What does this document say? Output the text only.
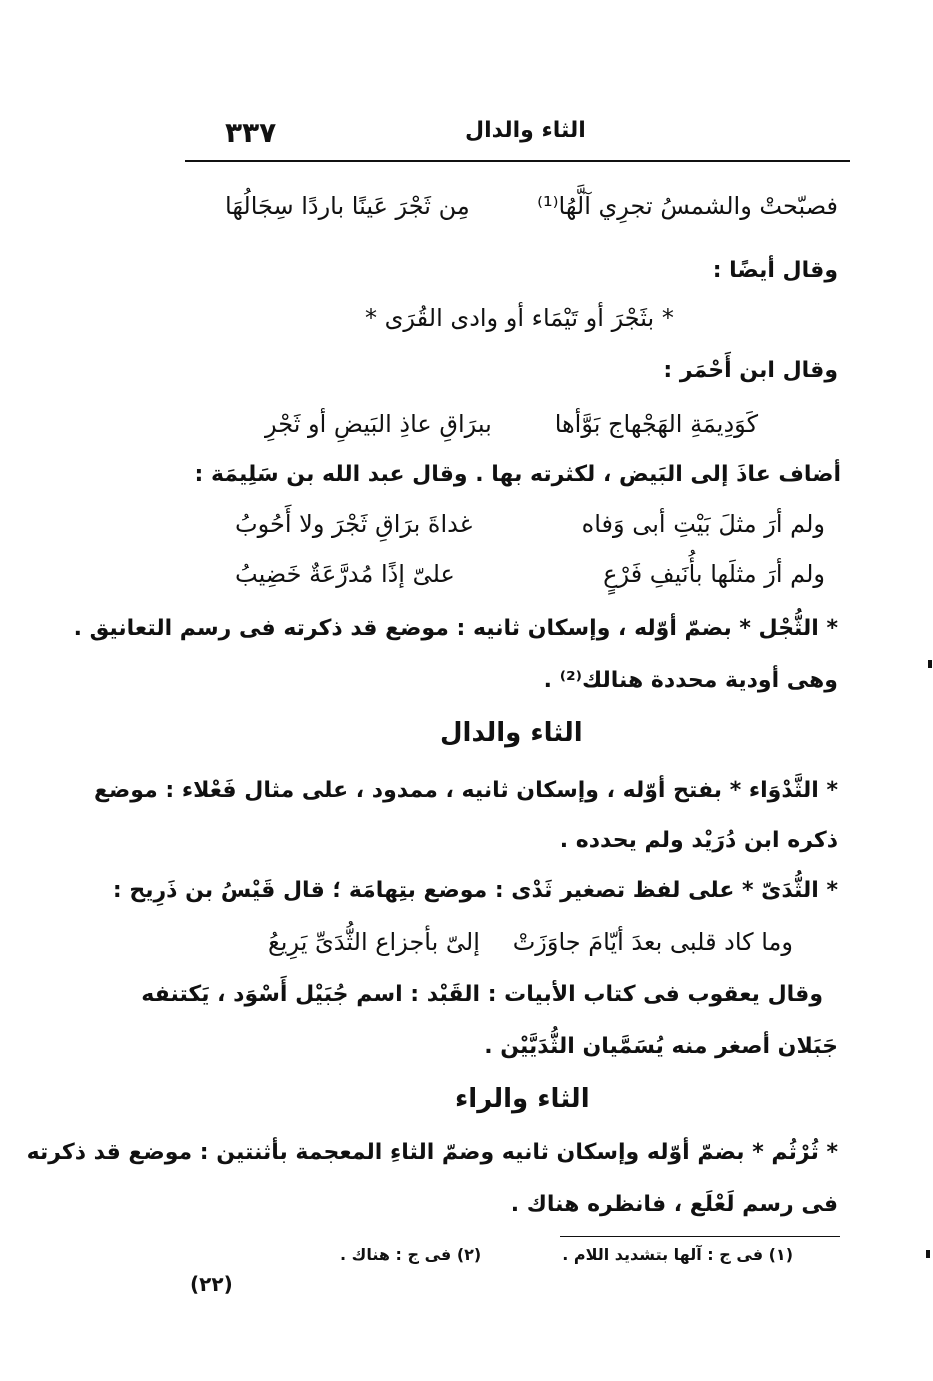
٣٣٧	الثاء والدال
فصبّحتْ والشمسُ تجرِي آلَّهُا⁽¹⁾
مِن ثَجْرَ عَينًا باردًا سِجَالُهَا
وقال أيضًا :
* بثَجْرَ أو تَيْمَاء أو وادى القُرَى *
وقال ابن أَحْمَر :
كَوَدِيمَةِ الهَجْهاج بَوَّأها
ببرَاقِ عاذِ البَيضِ أو ثَجْرِ
أضاف عاذَ إلى البَيض ، لكثرته بها . وقال عبد الله بن سَلِيمَة :
ولم أرَ مثلَ بَيْتِ أبى وَفاه
غداةَ برَاقِ ثَجْرَ ولا أَحُوبُ
ولم أرَ مثلَها بأُنَيفِ فَرْعٍ
علىّ إذًا مُدرَّعَةٌ خَضِيبُ
* الثُّجْل * بضمّ أوّله ، وإسكان ثانيه : موضع قد ذكرته فى رسم التعانيق .
وهى أودية محددة هنالك⁽²⁾ .
الثاء والدال
* الثَّدْوَاء * بفتح أوّله ، وإسكان ثانيه ، ممدود ، على مثال فَعْلاء : موضع
ذكره ابن دُرَيْد ولم يحدده .
* الثُّدَىّ * على لفظ تصغير ثَدْى : موضع بتِهامَة ؛ قال قَيْسُ بن ذَرِيح :
وما كاد قلبى بعدَ أيّامَ جاوَزَتْ
إلىّ بأجزاع الثُّدَىِّ يَرِيعُ
وقال يعقوب فى كتاب الأبيات : القَبْد : اسم جُبَيْل أَسْوَد ، يَكتنفه
جَبَلان أصغر منه يُسَمَّيان الثُّدَيَّيْن .
الثاء والراء
* ثُرْثُم * بضمّ أوّله وإسكان ثانيه وضمّ الثاءِ المعجمة بأثنتين : موضع قد ذكرته
فى رسم لَعْلَع ، فانظره هناك .
(١) فى ج : آلها بتشديد اللام .
(٢) فى ج : هناك .
(٢٢)
